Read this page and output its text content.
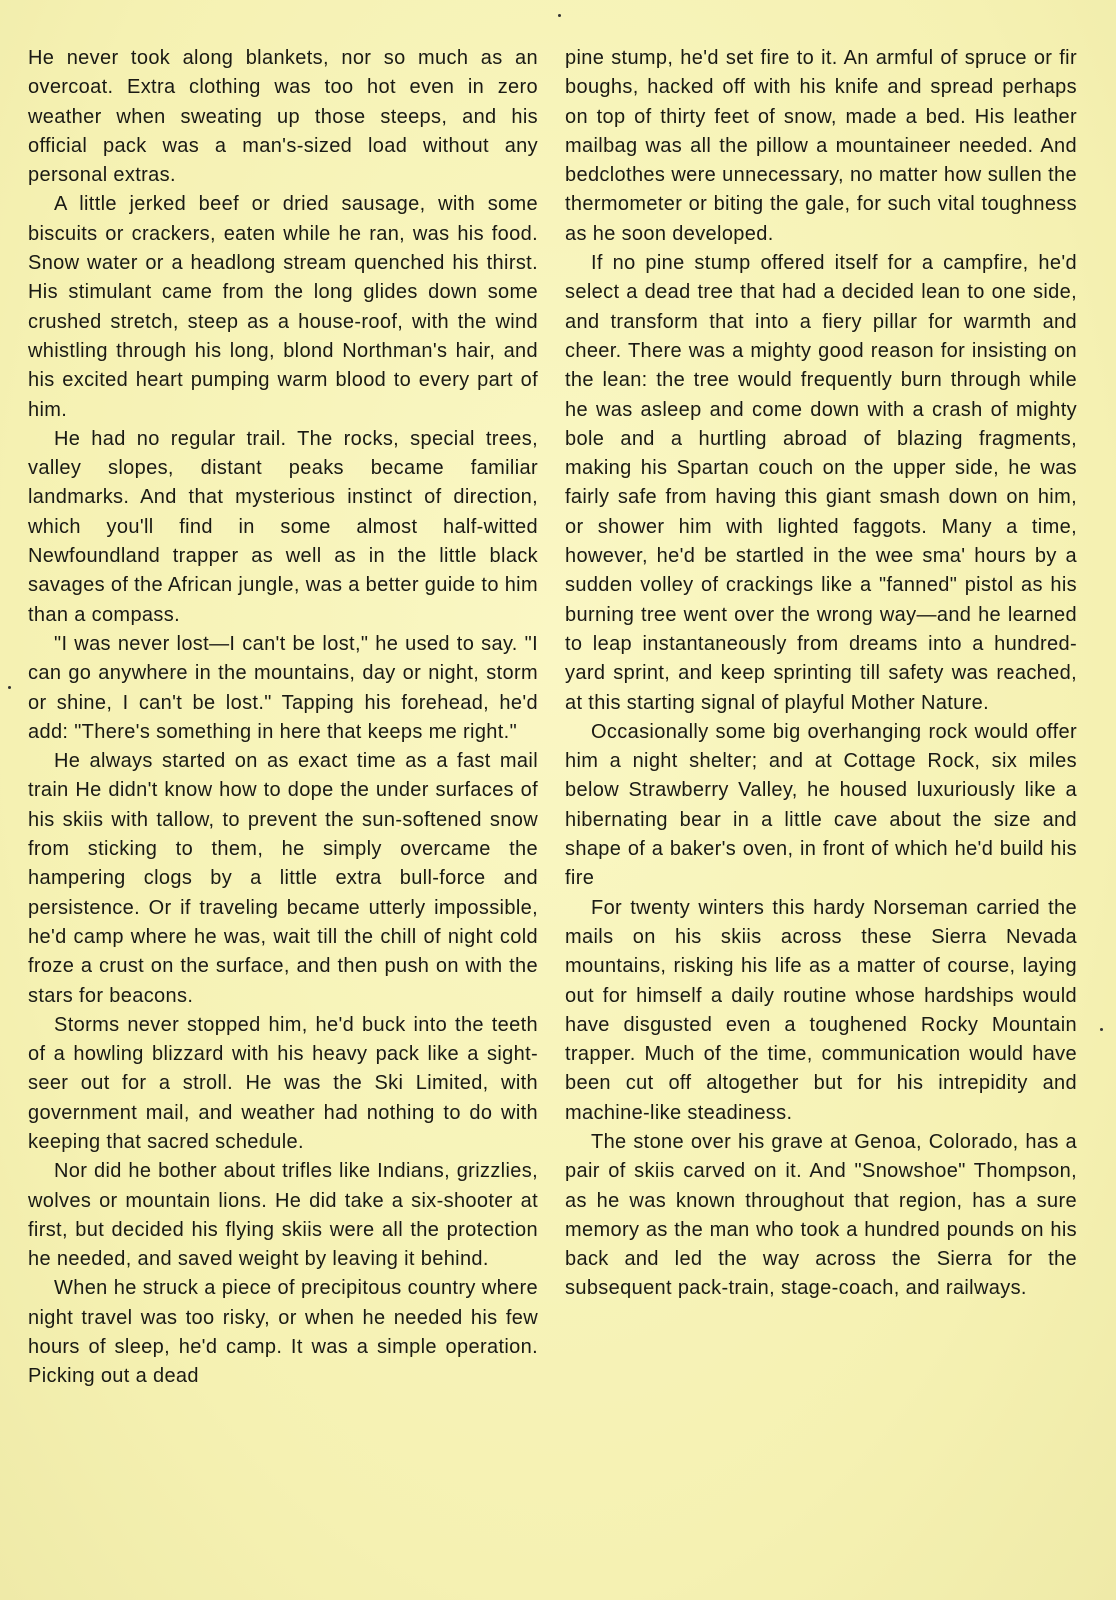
He never took along blankets, nor so much as an overcoat. Extra clothing was too hot even in zero weather when sweating up those steeps, and his official pack was a man's-sized load without any personal extras.

A little jerked beef or dried sausage, with some biscuits or crackers, eaten while he ran, was his food. Snow water or a headlong stream quenched his thirst. His stimulant came from the long glides down some crushed stretch, steep as a house-roof, with the wind whistling through his long, blond Northman's hair, and his excited heart pumping warm blood to every part of him.

He had no regular trail. The rocks, special trees, valley slopes, distant peaks became familiar landmarks. And that mysterious instinct of direction, which you'll find in some almost half-witted Newfoundland trapper as well as in the little black savages of the African jungle, was a better guide to him than a compass.

"I was never lost—I can't be lost," he used to say. "I can go anywhere in the mountains, day or night, storm or shine, I can't be lost." Tapping his forehead, he'd add: "There's something in here that keeps me right."

He always started on as exact time as a fast mail train He didn't know how to dope the under surfaces of his skiis with tallow, to prevent the sun-softened snow from sticking to them, he simply overcame the hampering clogs by a little extra bull-force and persistence. Or if traveling became utterly impossible, he'd camp where he was, wait till the chill of night cold froze a crust on the surface, and then push on with the stars for beacons.

Storms never stopped him, he'd buck into the teeth of a howling blizzard with his heavy pack like a sight-seer out for a stroll. He was the Ski Limited, with government mail, and weather had nothing to do with keeping that sacred schedule.

Nor did he bother about trifles like Indians, grizzlies, wolves or mountain lions. He did take a six-shooter at first, but decided his flying skiis were all the protection he needed, and saved weight by leaving it behind.

When he struck a piece of precipitous country where night travel was too risky, or when he needed his few hours of sleep, he'd camp. It was a simple operation. Picking out a dead

pine stump, he'd set fire to it. An armful of spruce or fir boughs, hacked off with his knife and spread perhaps on top of thirty feet of snow, made a bed. His leather mailbag was all the pillow a mountaineer needed. And bedclothes were unnecessary, no matter how sullen the thermometer or biting the gale, for such vital toughness as he soon developed.

If no pine stump offered itself for a campfire, he'd select a dead tree that had a decided lean to one side, and transform that into a fiery pillar for warmth and cheer. There was a mighty good reason for insisting on the lean: the tree would frequently burn through while he was asleep and come down with a crash of mighty bole and a hurtling abroad of blazing fragments, making his Spartan couch on the upper side, he was fairly safe from having this giant smash down on him, or shower him with lighted faggots. Many a time, however, he'd be startled in the wee sma' hours by a sudden volley of crackings like a "fanned" pistol as his burning tree went over the wrong way—and he learned to leap instantaneously from dreams into a hundred-yard sprint, and keep sprinting till safety was reached, at this starting signal of playful Mother Nature.

Occasionally some big overhanging rock would offer him a night shelter; and at Cottage Rock, six miles below Strawberry Valley, he housed luxuriously like a hibernating bear in a little cave about the size and shape of a baker's oven, in front of which he'd build his fire

For twenty winters this hardy Norseman carried the mails on his skiis across these Sierra Nevada mountains, risking his life as a matter of course, laying out for himself a daily routine whose hardships would have disgusted even a toughened Rocky Mountain trapper. Much of the time, communication would have been cut off altogether but for his intrepidity and machine-like steadiness.

The stone over his grave at Genoa, Colorado, has a pair of skiis carved on it. And "Snowshoe" Thompson, as he was known throughout that region, has a sure memory as the man who took a hundred pounds on his back and led the way across the Sierra for the subsequent pack-train, stage-coach, and railways.
